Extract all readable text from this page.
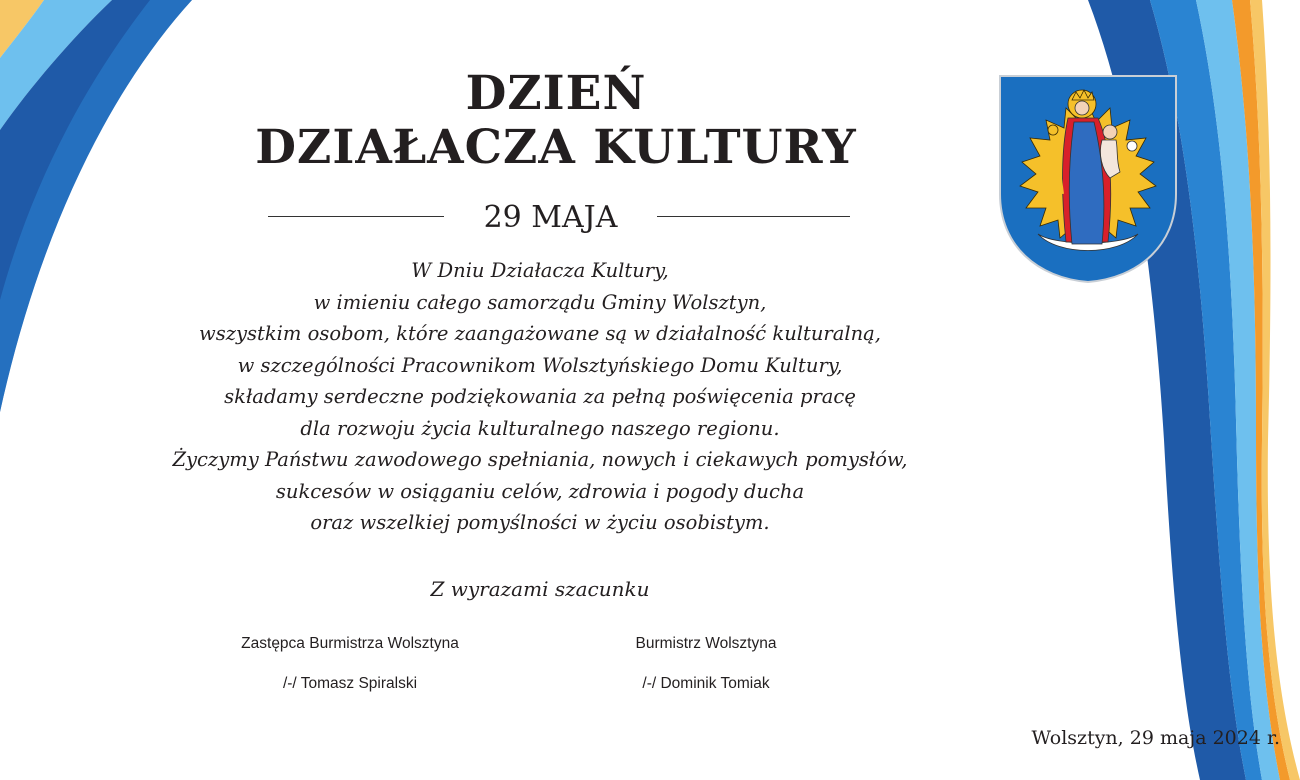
DZIEŃ
DZIAŁACZA KULTURY
29 MAJA
W Dniu Działacza Kultury,
w imieniu całego samorządu Gminy Wolsztyn,
wszystkim osobom, które zaangażowane są w działalność kulturalną,
w szczególności Pracownikom Wolsztyńskiego Domu Kultury,
składamy serdeczne podziękowania za pełną poświęcenia pracę
dla rozwoju życia kulturalnego naszego regionu.
Życzymy Państwu zawodowego spełniania, nowych i ciekawych pomysłów,
sukcesów w osiąganiu celów, zdrowia i pogody ducha
oraz wszelkiej pomyślności w życiu osobistym.
Z wyrazami szacunku
Zastępca Burmistrza Wolsztyna	Burmistrz Wolsztyna
/-/ Tomasz Spiralski	/-/ Dominik Tomiak
Wolsztyn, 29 maja 2024 r.
